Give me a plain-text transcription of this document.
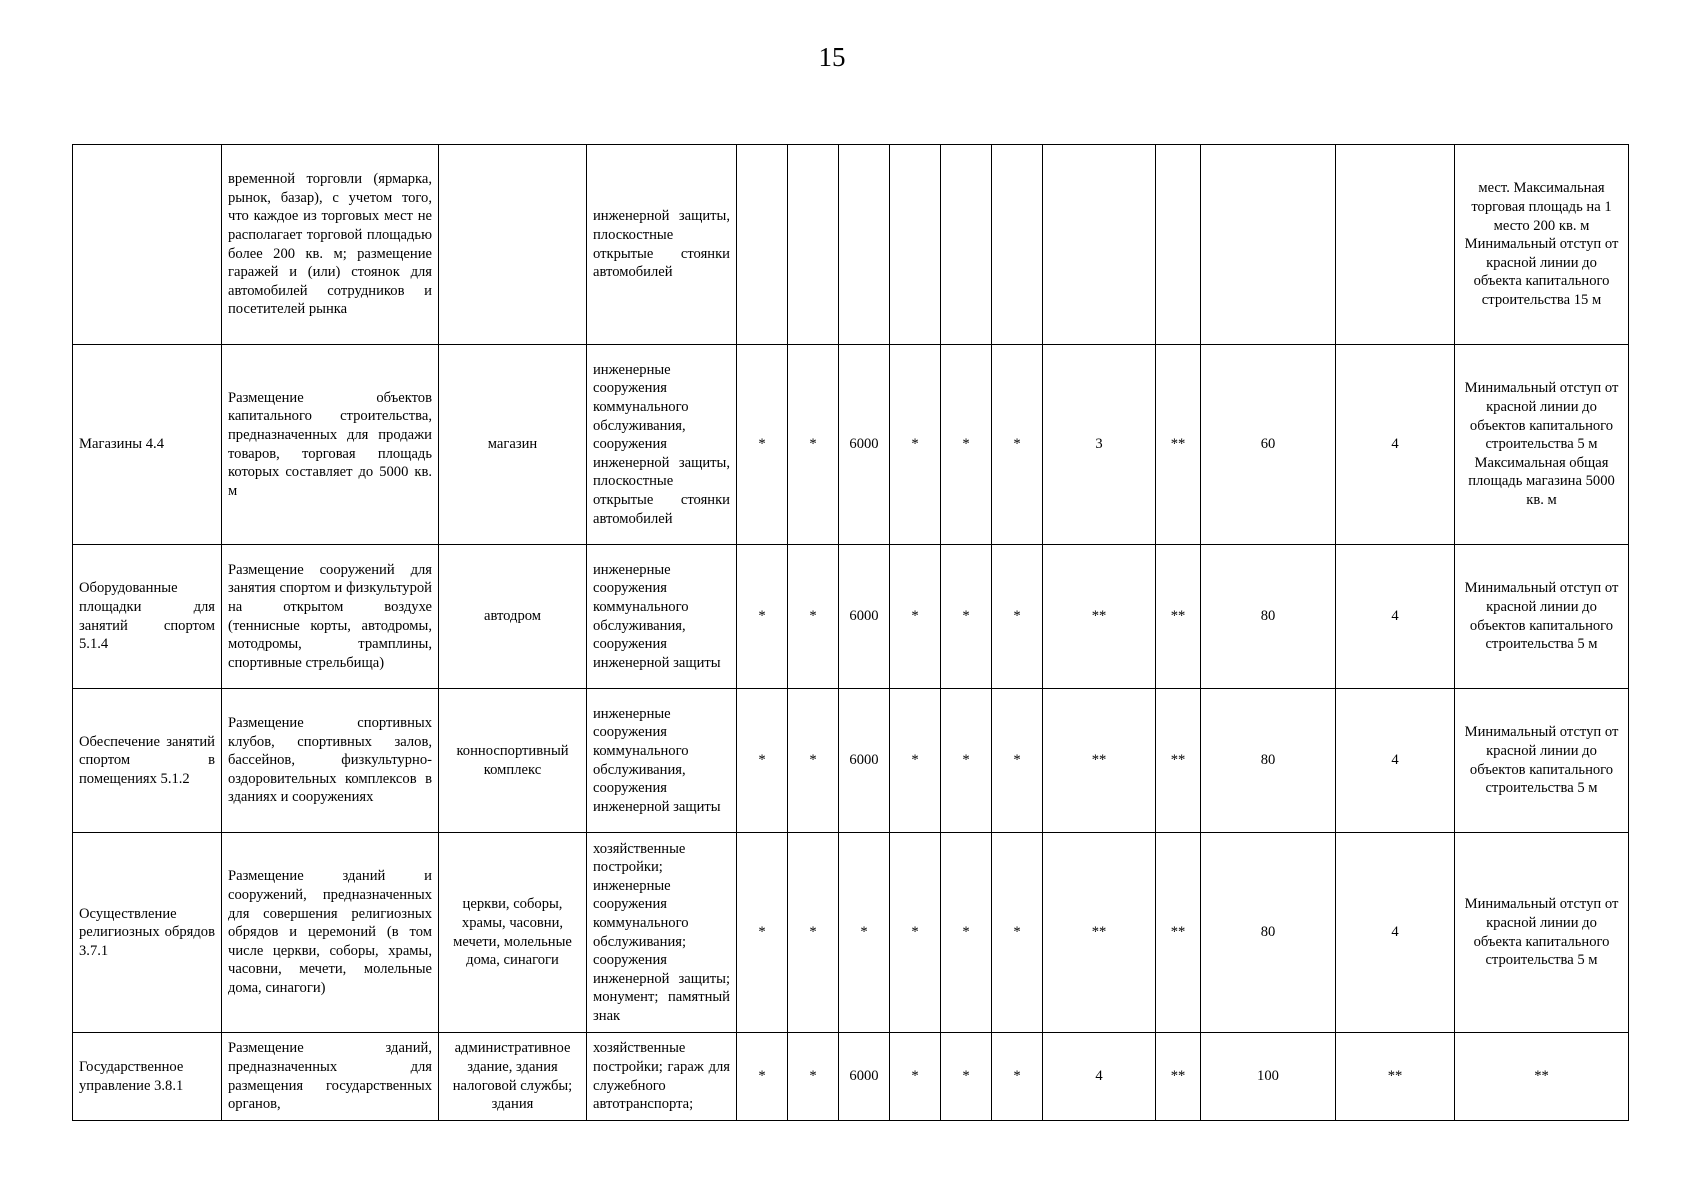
15
	временной торговли (ярмарка, рынок, базар), с учетом того, что каждое из торговых мест не располагает торговой площадью более 200 кв. м; размещение гаражей и (или) стоянок для автомобилей сотрудников и посетителей рынка		инженерной защиты, плоскостные открытые стоянки автомобилей											мест. Максимальная торговая площадь на 1 место 200 кв. м Минимальный отступ от красной линии до объекта капитального строительства 15 м
Магазины 4.4	Размещение объектов капитального строительства, предназначенных для продажи товаров, торговая площадь которых составляет до 5000 кв. м	магазин	инженерные сооружения коммунального обслуживания, сооружения инженерной защиты, плоскостные открытые стоянки автомобилей	*	*	6000	*	*	*	3	**	60	4	Минимальный отступ от красной линии до объектов капитального строительства 5 м Максимальная общая площадь магазина 5000 кв. м
Оборудованные площадки для занятий спортом 5.1.4	Размещение сооружений для занятия спортом и физкультурой на открытом воздухе (теннисные корты, автодромы, мотодромы, трамплины, спортивные стрельбища)	автодром	инженерные сооружения коммунального обслуживания, сооружения инженерной защиты	*	*	6000	*	*	*	**	**	80	4	Минимальный отступ от красной линии до объектов капитального строительства 5 м
Обеспечение занятий спортом в помещениях 5.1.2	Размещение спортивных клубов, спортивных залов, бассейнов, физкультурно-оздоровительных комплексов в зданиях и сооружениях	конноспортивный комплекс	инженерные сооружения коммунального обслуживания, сооружения инженерной защиты	*	*	6000	*	*	*	**	**	80	4	Минимальный отступ от красной линии до объектов капитального строительства 5 м
Осуществление религиозных обрядов 3.7.1	Размещение зданий и сооружений, предназначенных для совершения религиозных обрядов и церемоний (в том числе церкви, соборы, храмы, часовни, мечети, молельные дома, синагоги)	церкви, соборы, храмы, часовни, мечети, молельные дома, синагоги	хозяйственные постройки; инженерные сооружения коммунального обслуживания; сооружения инженерной защиты; монумент; памятный знак	*	*	*	*	*	*	**	**	80	4	Минимальный отступ от красной линии до объекта капитального строительства 5 м
Государственное управление 3.8.1	Размещение зданий, предназначенных для размещения государственных органов,	административное здание, здания налоговой службы; здания	хозяйственные постройки; гараж для служебного автотранспорта;	*	*	6000	*	*	*	4	**	100	**	**
